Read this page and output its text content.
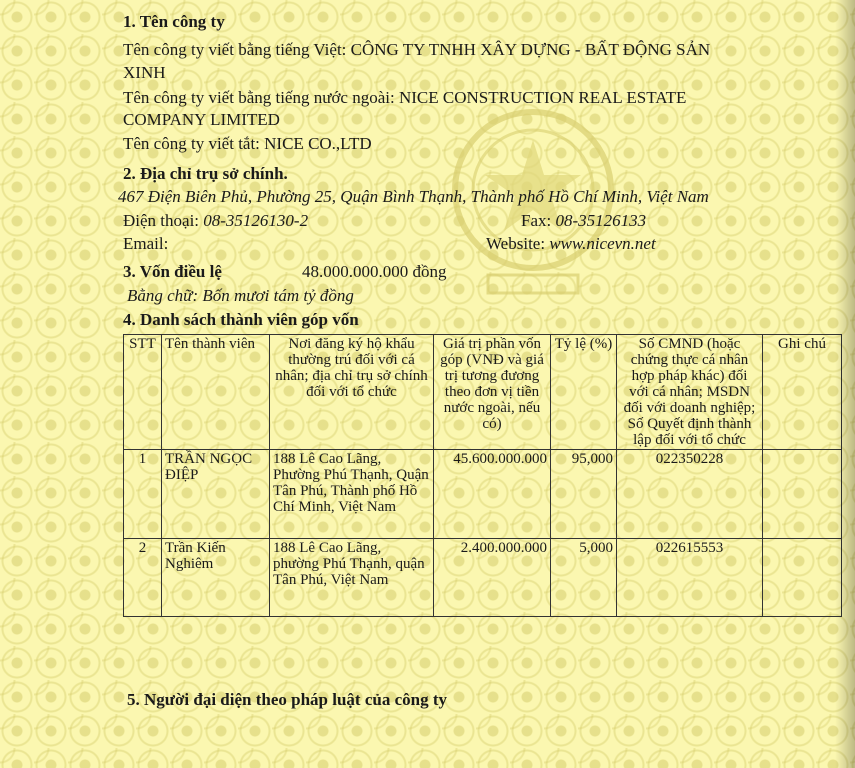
1. Tên công ty
Tên công ty viết bằng tiếng Việt: CÔNG TY TNHH XÂY DỰNG - BẤT ĐỘNG SẢN
XINH
Tên công ty viết bằng tiếng nước ngoài: NICE CONSTRUCTION REAL ESTATE
COMPANY LIMITED
Tên công ty viết tắt: NICE CO.,LTD
2. Địa chỉ trụ sở chính.
467 Điện Biên Phủ, Phường 25, Quận Bình Thạnh, Thành phố Hồ Chí Minh, Việt Nam
Điện thoại: 08-35126130-2	Fax: 08-35126133
Email:	Website: www.nicevn.net
3. Vốn điều lệ	48.000.000.000 đồng
Bằng chữ: Bốn mươi tám tỷ đồng
4. Danh sách thành viên góp vốn
STT	Tên thành viên	Nơi đăng ký hộ khẩu thường trú đối với cá nhân; địa chỉ trụ sở chính đối với tổ chức	Giá trị phần vốn góp (VNĐ và giá trị tương đương theo đơn vị tiền nước ngoài, nếu có)	Tỷ lệ (%)	Số CMND (hoặc chứng thực cá nhân hợp pháp khác) đối với cá nhân; MSDN đối với doanh nghiệp; Số Quyết định thành lập đối với tổ chức	Ghi chú
1	TRẦN NGỌC ĐIỆP	188 Lê Cao Lãng, Phường Phú Thạnh, Quận Tân Phú, Thành phố Hồ Chí Minh, Việt Nam	45.600.000.000	95,000	022350228	
2	Trần Kiến Nghiêm	188 Lê Cao Lãng, phường Phú Thạnh, quận Tân Phú, Việt Nam	2.400.000.000	5,000	022615553	
5. Người đại diện theo pháp luật của công ty
